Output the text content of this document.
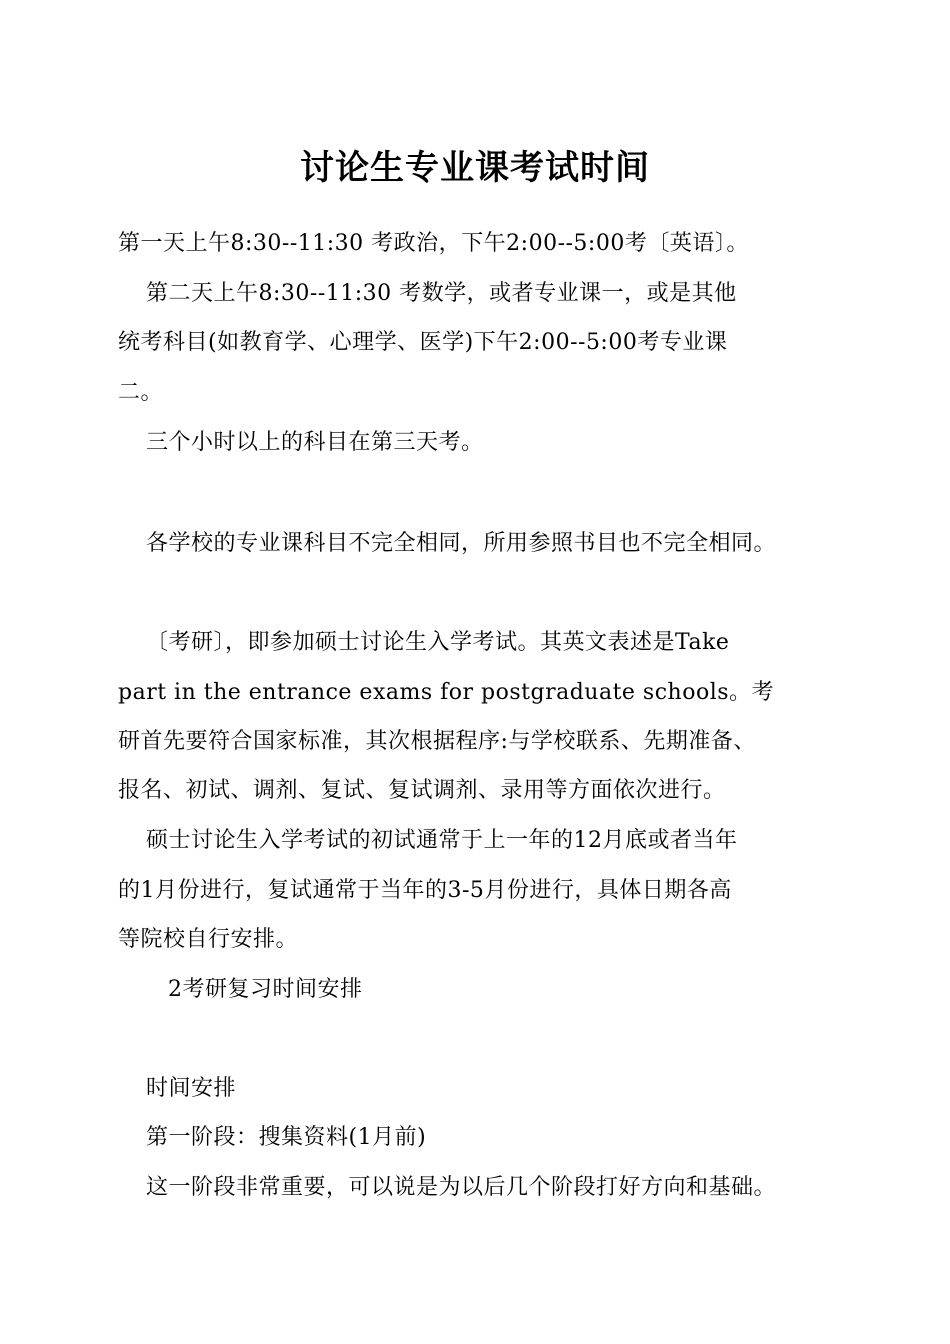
讨论生专业课考试时间
第一天上午8:30--11:30 考政治，下午2:00--5:00考〔英语〕。
第二天上午8:30--11:30 考数学，或者专业课一，或是其他
统考科目(如教育学、心理学、医学)下午2:00--5:00考专业课
二。
三个小时以上的科目在第三天考。
各学校的专业课科目不完全相同，所用参照书目也不完全相同。
〔考研〕，即参加硕士讨论生入学考试。其英文表述是Take
part in the entrance exams for postgraduate schools。考
研首先要符合国家标准，其次根据程序:与学校联系、先期准备、
报名、初试、调剂、复试、复试调剂、录用等方面依次进行。
硕士讨论生入学考试的初试通常于上一年的12月底或者当年
的1月份进行，复试通常于当年的3-5月份进行，具体日期各高
等院校自行安排。
2考研复习时间安排
时间安排
第一阶段：搜集资料(1月前)
这一阶段非常重要，可以说是为以后几个阶段打好方向和基础。
